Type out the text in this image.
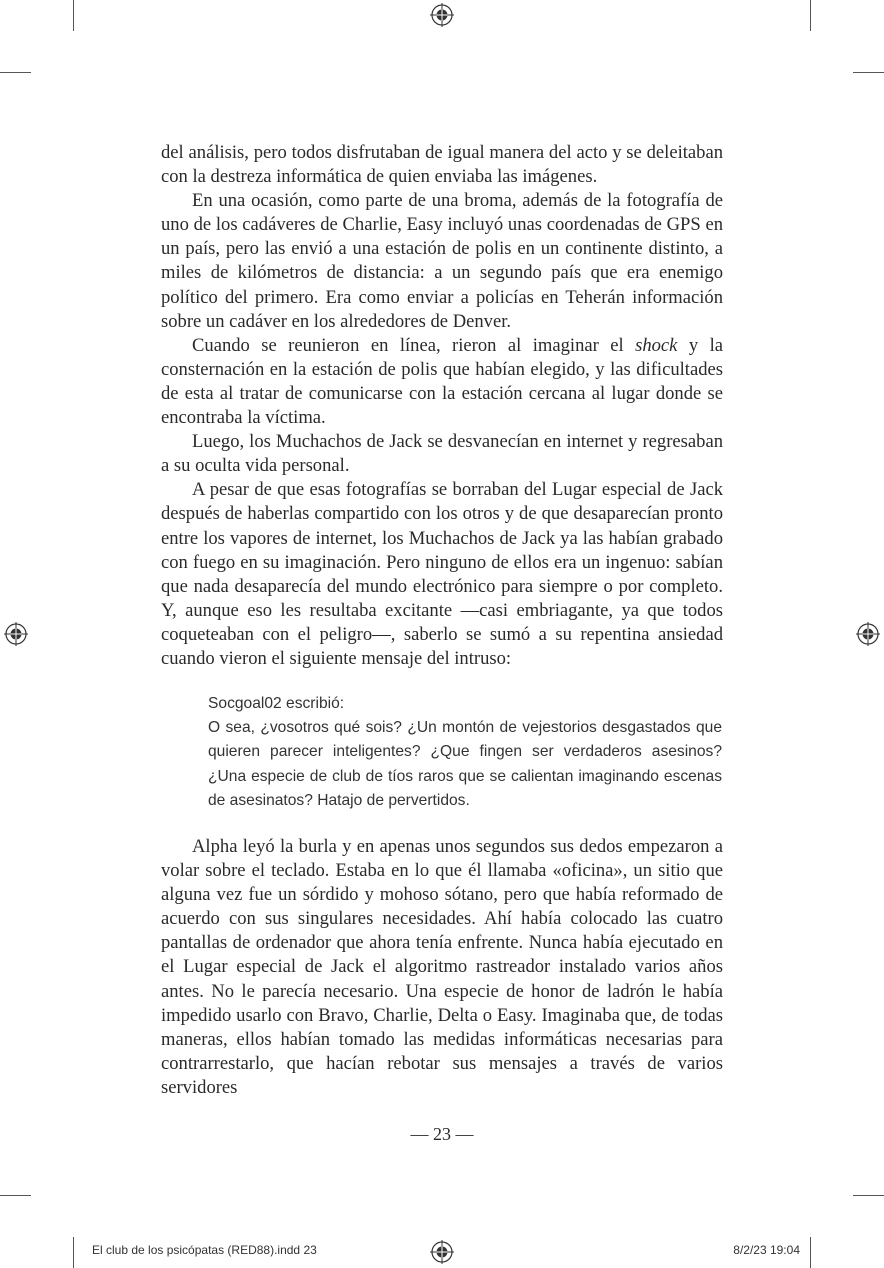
del análisis, pero todos disfrutaban de igual manera del acto y se deleitaban con la destreza informática de quien enviaba las imágenes.

En una ocasión, como parte de una broma, además de la fotografía de uno de los cadáveres de Charlie, Easy incluyó unas coordenadas de GPS en un país, pero las envió a una estación de polis en un continente distinto, a miles de kilómetros de distancia: a un segundo país que era enemigo político del primero. Era como enviar a policías en Teherán información sobre un cadáver en los alrededores de Denver.

Cuando se reunieron en línea, rieron al imaginar el shock y la consternación en la estación de polis que habían elegido, y las dificultades de esta al tratar de comunicarse con la estación cercana al lugar donde se encontraba la víctima.

Luego, los Muchachos de Jack se desvanecían en internet y regresaban a su oculta vida personal.

A pesar de que esas fotografías se borraban del Lugar especial de Jack después de haberlas compartido con los otros y de que desaparecían pronto entre los vapores de internet, los Muchachos de Jack ya las habían grabado con fuego en su imaginación. Pero ninguno de ellos era un ingenuo: sabían que nada desaparecía del mundo electrónico para siempre o por completo. Y, aunque eso les resultaba excitante —casi embriagante, ya que todos coqueteaban con el peligro—, saberlo se sumó a su repentina ansiedad cuando vieron el siguiente mensaje del intruso:

Socgoal02 escribió:

O sea, ¿vosotros qué sois? ¿Un montón de vejestorios desgastados que quieren parecer inteligentes? ¿Que fingen ser verdaderos asesinos? ¿Una especie de club de tíos raros que se calientan imaginando escenas de asesinatos? Hatajo de pervertidos.

Alpha leyó la burla y en apenas unos segundos sus dedos empezaron a volar sobre el teclado. Estaba en lo que él llamaba «oficina», un sitio que alguna vez fue un sórdido y mohoso sótano, pero que había reformado de acuerdo con sus singulares necesidades. Ahí había colocado las cuatro pantallas de ordenador que ahora tenía enfrente. Nunca había ejecutado en el Lugar especial de Jack el algoritmo rastreador instalado varios años antes. No le parecía necesario. Una especie de honor de ladrón le había impedido usarlo con Bravo, Charlie, Delta o Easy. Imaginaba que, de todas maneras, ellos habían tomado las medidas informáticas necesarias para contrarrestarlo, que hacían rebotar sus mensajes a través de varios servidores

— 23 —
El club de los psicópatas (RED88).indd 23	8/2/23 19:04
